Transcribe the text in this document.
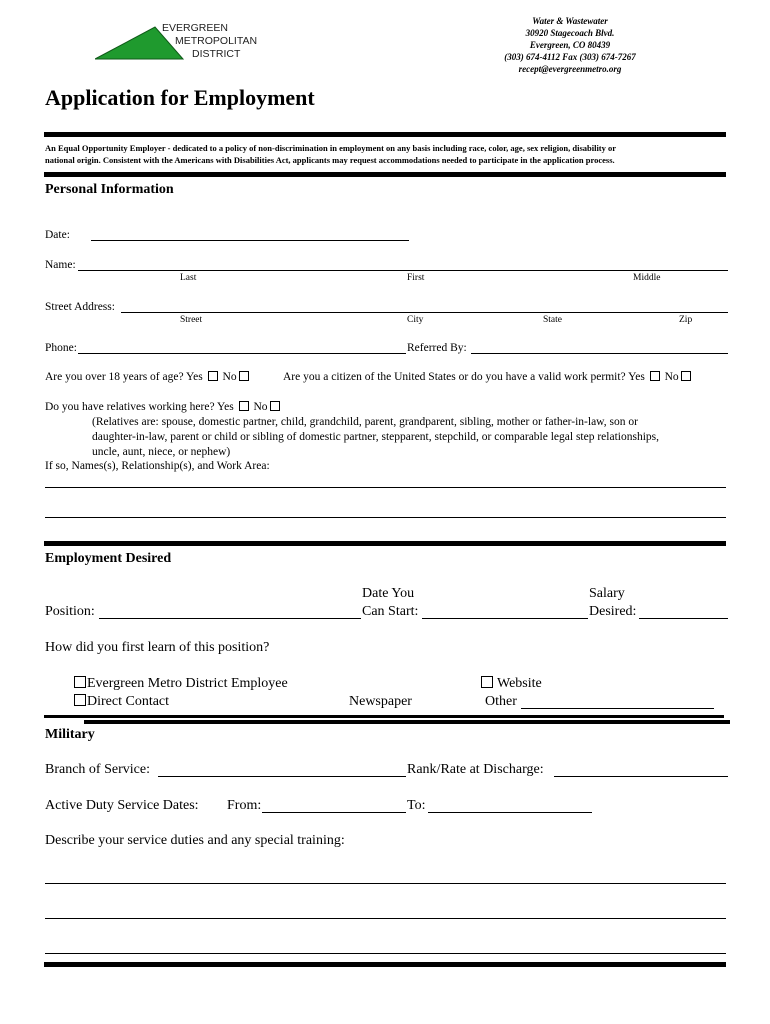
EVERGREEN
METROPOLITAN
DISTRICT
Water & Wastewater
30920 Stagecoach Blvd.
Evergreen, CO 80439
(303) 674-4112 Fax (303) 674-7267
recept@evergreenmetro.org
Application for Employment
An Equal Opportunity Employer - dedicated to a policy of non-discrimination in employment on any basis including race, color, age, sex religion, disability or
national origin. Consistent with the Americans with Disabilities Act, applicants may request accommodations needed to participate in the application process.
Personal Information
Date:
Name:
Last	First	Middle
Street Address:
Street	City	State	Zip
Phone:	Referred By:
Are you over 18 years of age? Yes No	Are you a citizen of the United States or do you have a valid work permit? Yes No
Do you have relatives working here? Yes No
(Relatives are: spouse, domestic partner, child, grandchild, parent, grandparent, sibling, mother or father-in-law, son or
daughter-in-law, parent or child or sibling of domestic partner, stepparent, stepchild, or comparable legal step relationships,
uncle, aunt, niece, or nephew)
If so, Names(s), Relationship(s), and Work Area:
Employment Desired
Position:
Date You
Can Start:
Salary
Desired:
How did you first learn of this position?
Evergreen Metro District Employee
Direct Contact	Newspaper
Website
Other
Military
Branch of Service:	Rank/Rate at Discharge:
Active Duty Service Dates: From:	To:
Describe your service duties and any special training:
